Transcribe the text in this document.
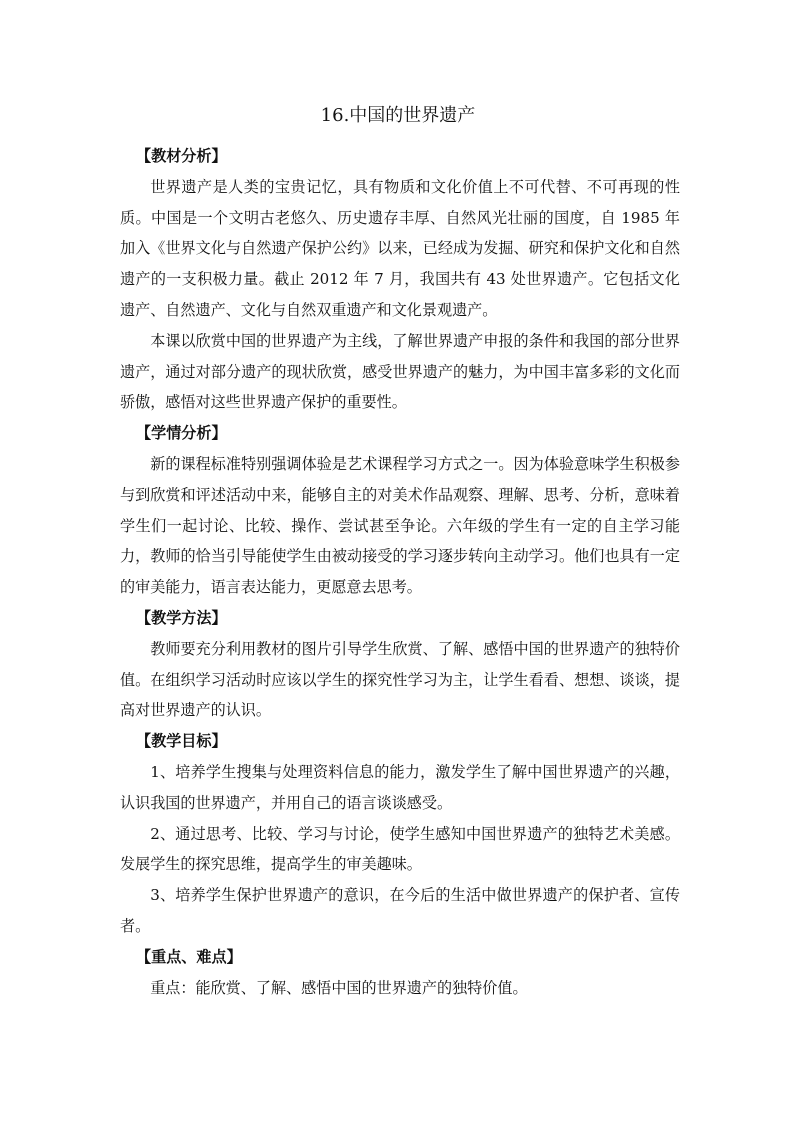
16.中国的世界遗产

【教材分析】

世界遗产是人类的宝贵记忆，具有物质和文化价值上不可代替、不可再现的性质。中国是一个文明古老悠久、历史遗存丰厚、自然风光壮丽的国度，自 1985 年加入《世界文化与自然遗产保护公约》以来，已经成为发掘、研究和保护文化和自然遗产的一支积极力量。截止 2012 年 7 月，我国共有 43 处世界遗产。它包括文化遗产、自然遗产、文化与自然双重遗产和文化景观遗产。

本课以欣赏中国的世界遗产为主线，了解世界遗产申报的条件和我国的部分世界遗产，通过对部分遗产的现状欣赏，感受世界遗产的魅力，为中国丰富多彩的文化而骄傲，感悟对这些世界遗产保护的重要性。

【学情分析】

新的课程标准特别强调体验是艺术课程学习方式之一。因为体验意味学生积极参与到欣赏和评述活动中来，能够自主的对美术作品观察、理解、思考、分析，意味着学生们一起讨论、比较、操作、尝试甚至争论。六年级的学生有一定的自主学习能力，教师的恰当引导能使学生由被动接受的学习逐步转向主动学习。他们也具有一定的审美能力，语言表达能力，更愿意去思考。

【教学方法】

教师要充分利用教材的图片引导学生欣赏、了解、感悟中国的世界遗产的独特价值。在组织学习活动时应该以学生的探究性学习为主，让学生看看、想想、谈谈，提高对世界遗产的认识。

【教学目标】

1、培养学生搜集与处理资料信息的能力，激发学生了解中国世界遗产的兴趣，认识我国的世界遗产，并用自己的语言谈谈感受。

2、通过思考、比较、学习与讨论，使学生感知中国世界遗产的独特艺术美感。发展学生的探究思维，提高学生的审美趣味。

3、培养学生保护世界遗产的意识，在今后的生活中做世界遗产的保护者、宣传者。

【重点、难点】

重点：能欣赏、了解、感悟中国的世界遗产的独特价值。
